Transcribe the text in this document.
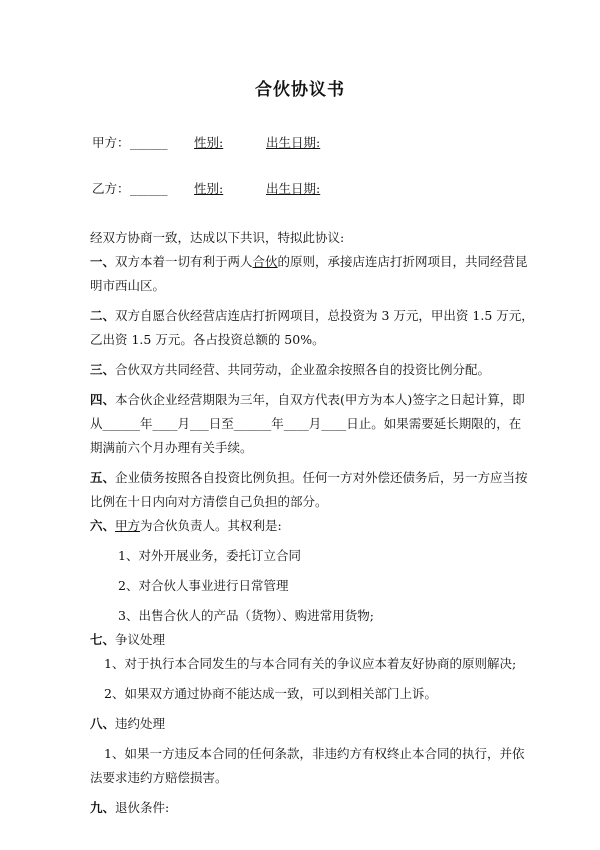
合伙协议书
甲方： ______ 性别:	出生日期:
乙方： ______ 性别:	出生日期:

经双方协商一致，达成以下共识，特拟此协议:

一、双方本着一切有利于两人合伙的原则，承接店连店打折网项目，共同经营昆

明市西山区。

二、双方自愿合伙经营店连店打折网项目，总投资为 3 万元，甲出资 1.5 万元，

乙出资 1.5 万元。各占投资总额的 50%。

三、合伙双方共同经营、共同劳动，企业盈余按照各自的投资比例分配。

四、本合伙企业经营期限为三年，自双方代表(甲方为本人)签字之日起计算，即

从______年____月___日至______年____月____日止。如果需要延长期限的，在

期满前六个月办理有关手续。

五、企业债务按照各自投资比例负担。任何一方对外偿还债务后，另一方应当按

比例在十日内向对方清偿自己负担的部分。

六、甲方为合伙负责人。其权利是:

1、对外开展业务，委托订立合同

2、对合伙人事业进行日常管理

3、出售合伙人的产品（货物）、购进常用货物;

七、争议处理

1、对于执行本合同发生的与本合同有关的争议应本着友好协商的原则解决;

2、如果双方通过协商不能达成一致，可以到相关部门上诉。

八、违约处理

1、如果一方违反本合同的任何条款，非违约方有权终止本合同的执行，并依

法要求违约方赔偿损害。

九、退伙条件:
